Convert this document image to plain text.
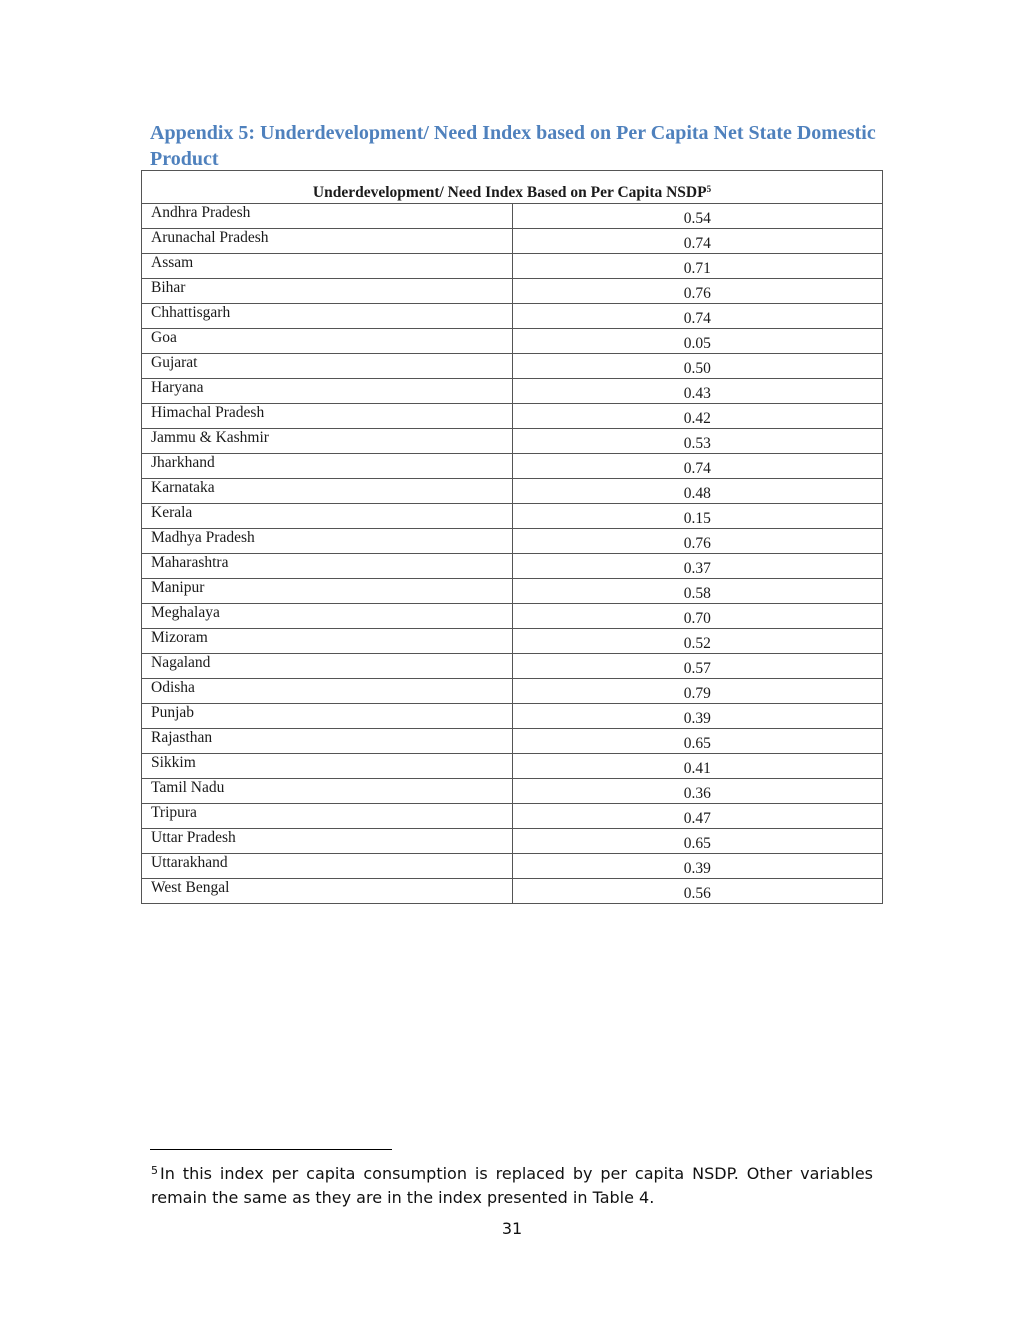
Appendix 5: Underdevelopment/ Need Index based on Per Capita Net State Domestic Product
Underdevelopment/ Need Index Based on Per Capita NSDP$^5$
Andhra Pradesh	0.54
Arunachal Pradesh	0.74
Assam	0.71
Bihar	0.76
Chhattisgarh	0.74
Goa	0.05
Gujarat	0.50
Haryana	0.43
Himachal Pradesh	0.42
Jammu & Kashmir	0.53
Jharkhand	0.74
Karnataka	0.48
Kerala	0.15
Madhya Pradesh	0.76
Maharashtra	0.37
Manipur	0.58
Meghalaya	0.70
Mizoram	0.52
Nagaland	0.57
Odisha	0.79
Punjab	0.39
Rajasthan	0.65
Sikkim	0.41
Tamil Nadu	0.36
Tripura	0.47
Uttar Pradesh	0.65
Uttarakhand	0.39
West Bengal	0.56

$^5$ In this index per capita consumption is replaced by per capita NSDP. Other variables remain the same as they are in the index presented in Table 4.

31
